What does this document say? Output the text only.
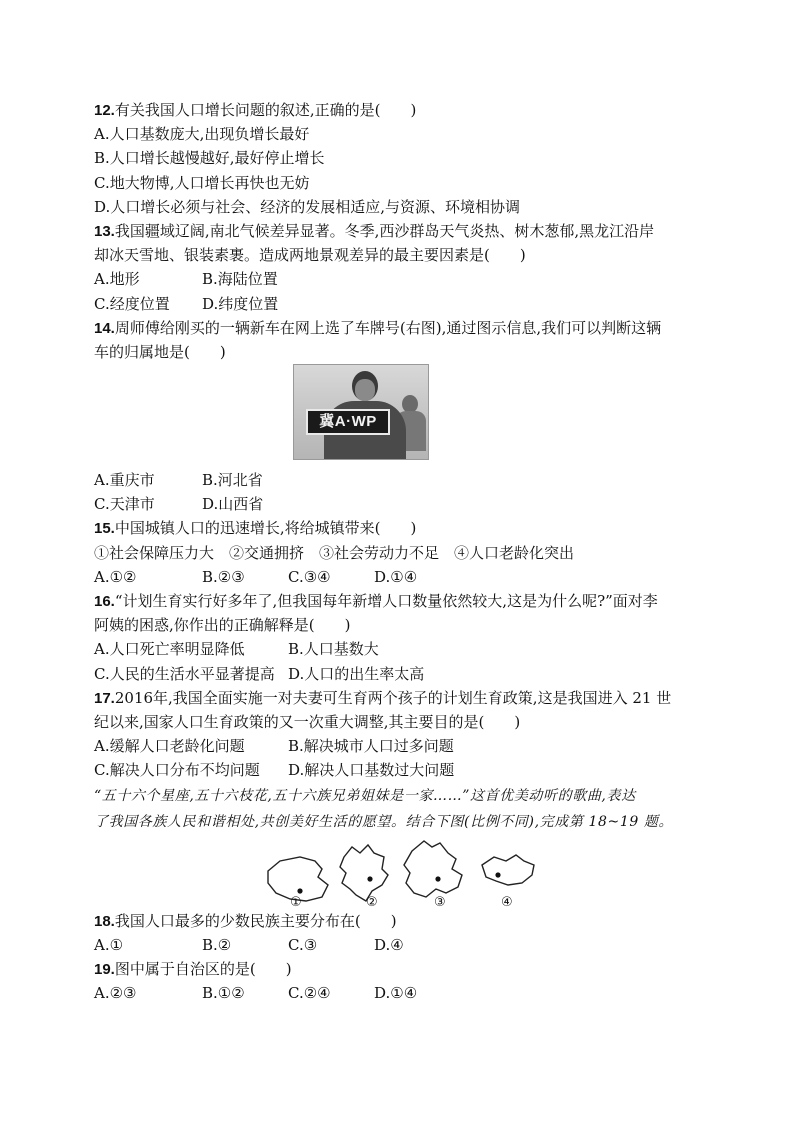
12.有关我国人口增长问题的叙述,正确的是(　　)
A.人口基数庞大,出现负增长最好
B.人口增长越慢越好,最好停止增长
C.地大物博,人口增长再快也无妨
D.人口增长必须与社会、经济的发展相适应,与资源、环境相协调
13.我国疆域辽阔,南北气候差异显著。冬季,西沙群岛天气炎热、树木葱郁,黑龙江沿岸
却冰天雪地、银装素裹。造成两地景观差异的最主要因素是(　　)
A.地形	B.海陆位置
C.经度位置	D.纬度位置
14.周师傅给刚买的一辆新车在网上选了车牌号(右图),通过图示信息,我们可以判断这辆
车的归属地是(　　)
冀A·WP
A.重庆市	B.河北省
C.天津市	D.山西省
15.中国城镇人口的迅速增长,将给城镇带来(　　)
①社会保障压力大　②交通拥挤　③社会劳动力不足　④人口老龄化突出
A.①②	B.②③	C.③④	D.①④
16.“计划生育实行好多年了,但我国每年新增人口数量依然较大,这是为什么呢?”面对李
阿姨的困惑,你作出的正确解释是(　　)
A.人口死亡率明显降低	B.人口基数大
C.人民的生活水平显著提高 D.人口的出生率太高
17.2016年,我国全面实施一对夫妻可生育两个孩子的计划生育政策,这是我国进入 21 世
纪以来,国家人口生育政策的又一次重大调整,其主要目的是(　　)
A.缓解人口老龄化问题	B.解决城市人口过多问题
C.解决人口分布不均问题	D.解决人口基数过大问题
“五十六个星座,五十六枝花,五十六族兄弟姐妹是一家……”这首优美动听的歌曲,表达
了我国各族人民和谐相处,共创美好生活的愿望。结合下图(比例不同),完成第 18~19 题。
①	②	③	④
18.我国人口最多的少数民族主要分布在(　　)
A.①	B.②	C.③	D.④
19.图中属于自治区的是(　　)
A.②③	B.①②	C.②④	D.①④
